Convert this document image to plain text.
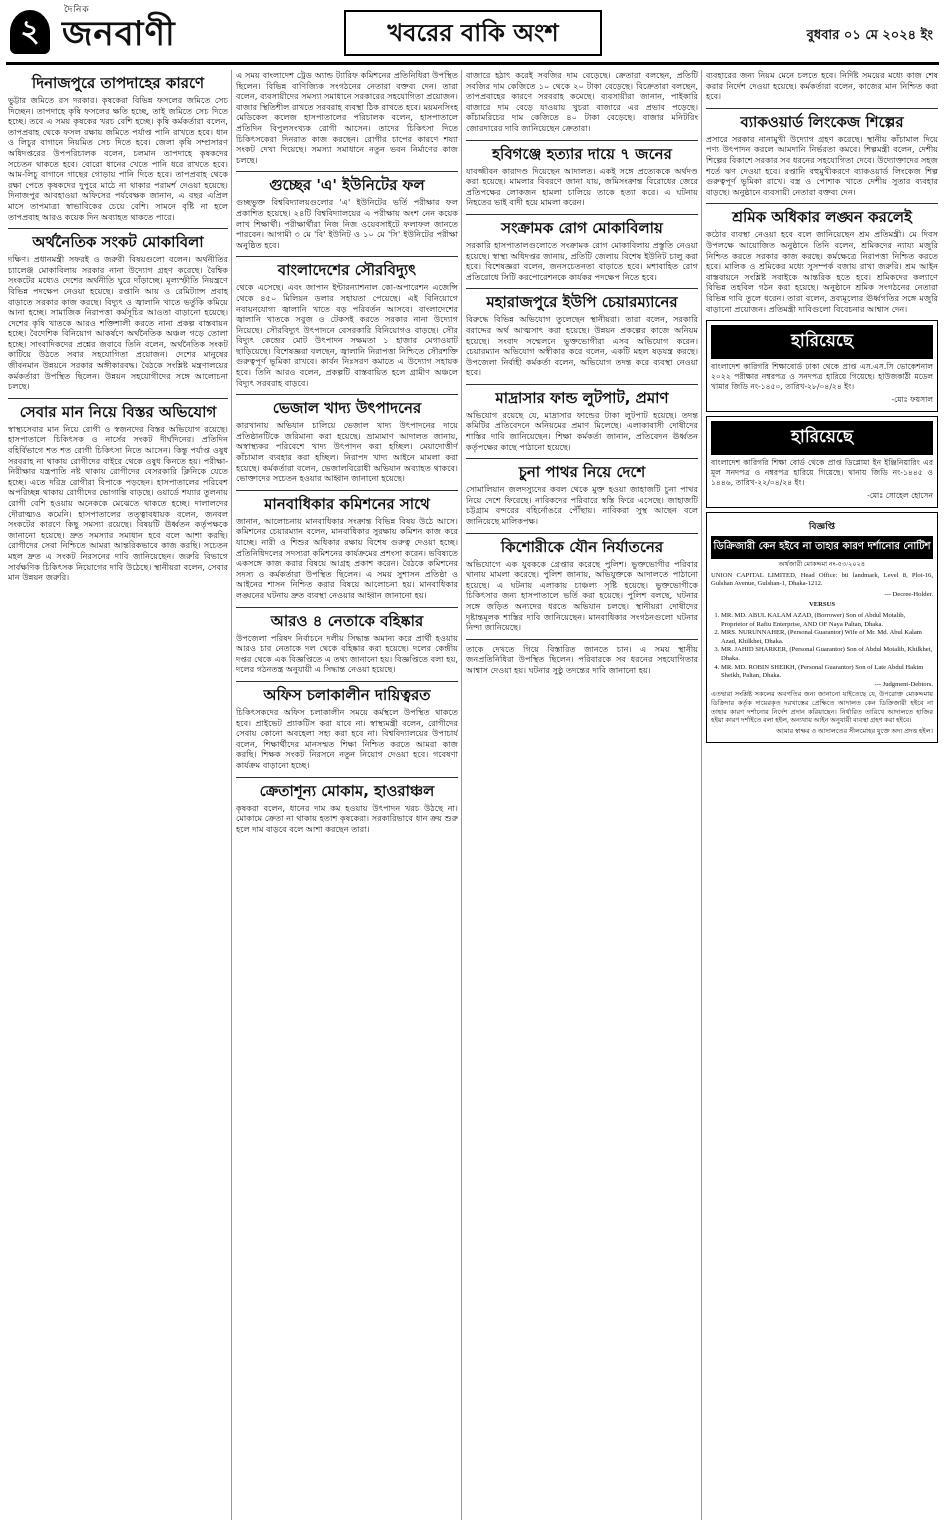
২
দৈনিক
জনবাণী	খবরের বাকি অংশ	বুধবার ০১ মে ২০২৪ ইং
দিনাজপুরে তাপদাহের কারণে

ভুট্টার জমিতে রস দরকার। কৃষকেরা বিভিন্ন ফসলের জমিতে সেচ দিচ্ছেন। তাপদাহে কৃষি ফসলের ক্ষতি হচ্ছে, তাই জমিতে সেচ দিতে হচ্ছে। তবে এ সময় কৃষকের খরচ বেশি হচ্ছে। কৃষি কর্মকর্তারা বলেন, তাপপ্রবাহ থেকে ফসল রক্ষায় জমিতে পর্যাপ্ত পানি রাখতে হবে। ধান ও লিচুর বাগানে নিয়মিত সেচ দিতে হবে। জেলা কৃষি সম্প্রসারণ অধিদপ্তরের উপপরিচালক বলেন, চলমান তাপদাহে কৃষকদের সচেতন থাকতে হবে। বোরো ধানের খেতে পানি ধরে রাখতে হবে। আম-লিচু বাগানে গাছের গোড়ায় পানি দিতে হবে। তাপপ্রবাহ থেকে রক্ষা পেতে কৃষকদের দুপুরে মাঠে না থাকার পরামর্শ দেওয়া হয়েছে। দিনাজপুর আবহাওয়া অফিসের পর্যবেক্ষক জানান, এ বছর এপ্রিল মাসে তাপমাত্রা স্বাভাবিকের চেয়ে বেশি। সামনে বৃষ্টি না হলে তাপপ্রবাহ আরও কয়েক দিন অব্যাহত থাকতে পারে।

অর্থনৈতিক সংকট মোকাবিলা

দক্ষিণ। প্রধানমন্ত্রী সফরই ও জরুরী বিষয়গুলো বলেন। অর্থনীতির চ্যালেঞ্জ মোকাবিলায় সরকার নানা উদ্যোগ গ্রহণ করেছে। বৈশ্বিক সংকটের মধ্যেও দেশের অর্থনীতি ঘুরে দাঁড়াচ্ছে। মূল্যস্ফীতি নিয়ন্ত্রণে বিভিন্ন পদক্ষেপ নেওয়া হয়েছে। রপ্তানি আয় ও রেমিট্যান্স প্রবাহ বাড়াতে সরকার কাজ করছে। বিদ্যুৎ ও জ্বালানি খাতে ভর্তুকি কমিয়ে আনা হচ্ছে। সামাজিক নিরাপত্তা কর্মসূচির আওতা বাড়ানো হয়েছে। দেশের কৃষি খাতকে আরও শক্তিশালী করতে নানা প্রকল্প বাস্তবায়ন হচ্ছে। বৈদেশিক বিনিয়োগ আকর্ষণে অর্থনৈতিক অঞ্চল গড়ে তোলা হচ্ছে। সাংবাদিকদের প্রশ্নের জবাবে তিনি বলেন, অর্থনৈতিক সংকট কাটিয়ে উঠতে সবার সহযোগিতা প্রয়োজন। দেশের মানুষের জীবনমান উন্নয়নে সরকার অঙ্গীকারবদ্ধ। বৈঠকে সংশ্লিষ্ট মন্ত্রণালয়ের কর্মকর্তারা উপস্থিত ছিলেন। উন্নয়ন সহযোগীদের সঙ্গে আলোচনা চলছে।

সেবার মান নিয়ে বিস্তর অভিযোগ

স্বাস্থ্যসেবার মান নিয়ে রোগী ও স্বজনদের বিস্তর অভিযোগ রয়েছে। হাসপাতালে চিকিৎসক ও নার্সের সংকট দীর্ঘদিনের। প্রতিদিন বহির্বিভাগে শত শত রোগী চিকিৎসা নিতে আসেন। কিন্তু পর্যাপ্ত ওষুধ সরবরাহ না থাকায় রোগীদের বাইরে থেকে ওষুধ কিনতে হয়। পরীক্ষা-নিরীক্ষার যন্ত্রপাতি নষ্ট থাকায় রোগীদের বেসরকারি ক্লিনিকে যেতে হচ্ছে। এতে দরিদ্র রোগীরা বিপাকে পড়ছেন। হাসপাতালের পরিবেশ অপরিচ্ছন্ন থাকায় রোগীদের ভোগান্তি বাড়ছে। ওয়ার্ডে শয্যার তুলনায় রোগী বেশি হওয়ায় অনেককে মেঝেতে থাকতে হচ্ছে। দালালদের দৌরাত্ম্যও কমেনি। হাসপাতালের তত্ত্বাবধায়ক বলেন, জনবল সংকটের কারণে কিছু সমস্যা রয়েছে। বিষয়টি ঊর্ধ্বতন কর্তৃপক্ষকে জানানো হয়েছে। দ্রুত সমস্যার সমাধান হবে বলে আশা করছি। রোগীদের সেবা নিশ্চিতে আমরা আন্তরিকভাবে কাজ করছি। সচেতন মহল দ্রুত এ সংকট নিরসনের দাবি জানিয়েছেন। জরুরি বিভাগে সার্বক্ষণিক চিকিৎসক নিয়োগের দাবি উঠেছে। স্থানীয়রা বলেন, সেবার মান উন্নয়ন জরুরি।

এ সময় বাংলাদেশ ট্রেড অ্যান্ড ট্যারিফ কমিশনের প্রতিনিধিরা উপস্থিত ছিলেন। বিভিন্ন বাণিজ্যিক সংগঠনের নেতারা বক্তব্য দেন। তারা বলেন, ব্যবসায়ীদের সমস্যা সমাধানে সরকারের সহযোগিতা প্রয়োজন। বাজার স্থিতিশীল রাখতে সরবরাহ ব্যবস্থা ঠিক রাখতে হবে। ময়মনসিংহ মেডিকেল কলেজ হাসপাতালের পরিচালক বলেন, হাসপাতালে প্রতিদিন বিপুলসংখ্যক রোগী আসেন। তাদের চিকিৎসা দিতে চিকিৎসকেরা দিনরাত কাজ করছেন। রোগীর চাপের কারণে শয্যা সংকট দেখা দিয়েছে। সমস্যা সমাধানে নতুন ভবন নির্মাণের কাজ চলছে।

গুচ্ছের 'এ' ইউনিটের ফল

গুচ্ছভুক্ত বিশ্ববিদ্যালয়গুলোর 'এ' ইউনিটের ভর্তি পরীক্ষার ফল প্রকাশিত হয়েছে। ২৪টি বিশ্ববিদ্যালয়ের এ পরীক্ষায় অংশ নেন কয়েক লাখ শিক্ষার্থী। পরীক্ষার্থীরা নিজ নিজ ওয়েবসাইটে ফলাফল জানতে পারবেন। আগামী ৩ মে 'বি' ইউনিট ও ১০ মে 'সি' ইউনিটের পরীক্ষা অনুষ্ঠিত হবে।

বাংলাদেশের সৌরবিদ্যুৎ

থেকে এসেছে। এবং জাপান ইন্টারন্যাশনাল কো-অপারেশন এজেন্সি থেকে ৪৫০ মিলিয়ন ডলার সহায়তা পেয়েছে। এই বিনিয়োগে নবায়নযোগ্য জ্বালানি খাতে বড় পরিবর্তন আসবে। বাংলাদেশের জ্বালানি খাতকে সবুজ ও টেকসই করতে সরকার নানা উদ্যোগ নিয়েছে। সৌরবিদ্যুৎ উৎপাদনে বেসরকারি বিনিয়োগও বাড়ছে। সৌর বিদ্যুৎ কেন্দ্রের মোট উৎপাদন সক্ষমতা ১ হাজার মেগাওয়াট ছাড়িয়েছে। বিশেষজ্ঞরা বলছেন, জ্বালানি নিরাপত্তা নিশ্চিতে সৌরশক্তি গুরুত্বপূর্ণ ভূমিকা রাখবে। কার্বন নিঃসরণ কমাতে এ উদ্যোগ সহায়ক হবে। তিনি আরও বলেন, প্রকল্পটি বাস্তবায়িত হলে গ্রামীণ অঞ্চলে বিদ্যুৎ সরবরাহ বাড়বে।

ভেজাল খাদ্য উৎপাদনের

কারখানায় অভিযান চালিয়ে ভেজাল খাদ্য উৎপাদনের দায়ে প্রতিষ্ঠানটিকে জরিমানা করা হয়েছে। ভ্রাম্যমাণ আদালত জানায়, অস্বাস্থ্যকর পরিবেশে খাদ্য উৎপাদন করা হচ্ছিল। মেয়াদোত্তীর্ণ কাঁচামাল ব্যবহার করা হচ্ছিল। নিরাপদ খাদ্য আইনে মামলা করা হয়েছে। কর্মকর্তারা বলেন, ভেজালবিরোধী অভিযান অব্যাহত থাকবে। ভোক্তাদের সচেতন হওয়ার আহ্বান জানানো হয়েছে।

মানবাধিকার কমিশনের সাথে

জানান, আলোচনায় মানবাধিকার সংক্রান্ত বিভিন্ন বিষয় উঠে আসে। কমিশনের চেয়ারম্যান বলেন, মানবাধিকার সুরক্ষায় কমিশন কাজ করে যাচ্ছে। নারী ও শিশুর অধিকার রক্ষায় বিশেষ গুরুত্ব দেওয়া হচ্ছে। প্রতিনিধিদলের সদস্যরা কমিশনের কার্যক্রমের প্রশংসা করেন। ভবিষ্যতে একসঙ্গে কাজ করার বিষয়ে আগ্রহ প্রকাশ করেন। বৈঠকে কমিশনের সদস্য ও কর্মকর্তারা উপস্থিত ছিলেন। এ সময় সুশাসন প্রতিষ্ঠা ও আইনের শাসন নিশ্চিত করার বিষয়ে আলোচনা হয়। মানবাধিকার লঙ্ঘনের ঘটনায় দ্রুত ব্যবস্থা নেওয়ার আহ্বান জানানো হয়।

আরও ৪ নেতাকে বহিষ্কার

উপজেলা পরিষদ নির্বাচনে দলীয় সিদ্ধান্ত অমান্য করে প্রার্থী হওয়ায় আরও চার নেতাকে দল থেকে বহিষ্কার করা হয়েছে। দলের কেন্দ্রীয় দপ্তর থেকে এক বিজ্ঞপ্তিতে এ তথ্য জানানো হয়। বিজ্ঞপ্তিতে বলা হয়, দলের গঠনতন্ত্র অনুযায়ী এ সিদ্ধান্ত নেওয়া হয়েছে।

অফিস চলাকালীন দায়িত্বরত

চিকিৎসকদের অফিস চলাকালীন সময়ে কর্মস্থলে উপস্থিত থাকতে হবে। প্রাইভেট প্র্যাকটিস করা যাবে না। স্বাস্থ্যমন্ত্রী বলেন, রোগীদের সেবায় কোনো অবহেলা সহ্য করা হবে না। বিশ্ববিদ্যালয়ের উপাচার্য বলেন, শিক্ষার্থীদের মানসম্মত শিক্ষা নিশ্চিত করতে আমরা কাজ করছি। শিক্ষক সংকট নিরসনে নতুন নিয়োগ দেওয়া হবে। গবেষণা কার্যক্রম বাড়ানো হচ্ছে।

ক্রেতাশূন্য মোকাম, হাওরাঞ্চল

কৃষকরা বলেন, ধানের দাম কম হওয়ায় উৎপাদন খরচ উঠছে না। মোকামে ক্রেতা না থাকায় হতাশ কৃষকেরা। সরকারিভাবে ধান ক্রয় শুরু হলে দাম বাড়বে বলে আশা করছেন তারা।

বাজারে হঠাৎ করেই সবজির দাম বেড়েছে। ক্রেতারা বলছেন, প্রতিটি সবজির দাম কেজিতে ১০ থেকে ২০ টাকা বেড়েছে। বিক্রেতারা বলছেন, তাপপ্রবাহের কারণে সরবরাহ কমেছে। ব্যবসায়ীরা জানান, পাইকারি বাজারে দাম বেড়ে যাওয়ায় খুচরা বাজারে এর প্রভাব পড়েছে। কাঁচামরিচের দাম কেজিতে ৪০ টাকা বেড়েছে। বাজার মনিটরিং জোরদারের দাবি জানিয়েছেন ক্রেতারা।

হবিগঞ্জে হত্যার দায়ে ৭ জনের

যাবজ্জীবন কারাদণ্ড দিয়েছেন আদালত। একই সঙ্গে প্রত্যেককে অর্থদণ্ড করা হয়েছে। মামলার বিবরণে জানা যায়, জমিসংক্রান্ত বিরোধের জেরে প্রতিপক্ষের লোকজন হামলা চালিয়ে তাকে হত্যা করে। এ ঘটনায় নিহতের ভাই বাদী হয়ে মামলা করেন।

সংক্রামক রোগ মোকাবিলায়

সরকারি হাসপাতালগুলোতে সংক্রামক রোগ মোকাবিলায় প্রস্তুতি নেওয়া হয়েছে। স্বাস্থ্য অধিদপ্তর জানায়, প্রতিটি জেলায় বিশেষ ইউনিট চালু করা হবে। বিশেষজ্ঞরা বলেন, জনসচেতনতা বাড়াতে হবে। মশাবাহিত রোগ প্রতিরোধে সিটি করপোরেশনকে কার্যকর পদক্ষেপ নিতে হবে।

মহারাজপুরে ইউপি চেয়ারম্যানের

বিরুদ্ধে বিভিন্ন অভিযোগ তুলেছেন স্থানীয়রা। তারা বলেন, সরকারি বরাদ্দের অর্থ আত্মসাৎ করা হয়েছে। উন্নয়ন প্রকল্পের কাজে অনিয়ম হয়েছে। সংবাদ সম্মেলনে ভুক্তভোগীরা এসব অভিযোগ করেন। চেয়ারম্যান অভিযোগ অস্বীকার করে বলেন, একটি মহল ষড়যন্ত্র করছে। উপজেলা নির্বাহী কর্মকর্তা বলেন, অভিযোগ তদন্ত করে ব্যবস্থা নেওয়া হবে।

মাদ্রাসার ফান্ড লুটপাট, প্রমাণ

অভিযোগ রয়েছে যে, মাদ্রাসার ফান্ডের টাকা লুটপাট হয়েছে। তদন্ত কমিটির প্রতিবেদনে অনিয়মের প্রমাণ মিলেছে। এলাকাবাসী দোষীদের শাস্তির দাবি জানিয়েছেন। শিক্ষা কর্মকর্তা জানান, প্রতিবেদন ঊর্ধ্বতন কর্তৃপক্ষের কাছে পাঠানো হয়েছে।

চুনা পাথর নিয়ে দেশে

সোমালিয়ান জলদস্যুদের কবল থেকে মুক্ত হওয়া জাহাজটি চুনা পাথর নিয়ে দেশে ফিরেছে। নাবিকদের পরিবারে স্বস্তি ফিরে এসেছে। জাহাজটি চট্টগ্রাম বন্দরের বহির্নোঙরে পৌঁছায়। নাবিকরা সুস্থ আছেন বলে জানিয়েছে মালিকপক্ষ।

কিশোরীকে যৌন নির্যাতনের

অভিযোগে এক যুবককে গ্রেপ্তার করেছে পুলিশ। ভুক্তভোগীর পরিবার থানায় মামলা করেছে। পুলিশ জানায়, অভিযুক্তকে আদালতে পাঠানো হয়েছে। এ ঘটনায় এলাকায় চাঞ্চল্য সৃষ্টি হয়েছে। ভুক্তভোগীকে চিকিৎসার জন্য হাসপাতালে ভর্তি করা হয়েছে। পুলিশ বলছে, ঘটনার সঙ্গে জড়িত অন্যদের ধরতে অভিযান চলছে। স্থানীয়রা দোষীদের দৃষ্টান্তমূলক শাস্তির দাবি জানিয়েছেন। মানবাধিকার সংগঠনগুলো ঘটনার নিন্দা জানিয়েছে।

তাকে দেখতে গিয়ে বিস্তারিত জানতে চান। এ সময় স্থানীয় জনপ্রতিনিধিরা উপস্থিত ছিলেন। পরিবারকে সব ধরনের সহযোগিতার আশ্বাস দেওয়া হয়। ঘটনার সুষ্ঠু তদন্তের দাবি জানানো হয়।

ব্যবহারের জন্য নিয়ম মেনে চলতে হবে। নির্দিষ্ট সময়ের মধ্যে কাজ শেষ করার নির্দেশ দেওয়া হয়েছে। কর্মকর্তারা বলেন, কাজের মান নিশ্চিত করা হবে।

ব্যাকওয়ার্ড লিংকেজ শিল্পের

প্রসারে সরকার নানামুখী উদ্যোগ গ্রহণ করেছে। স্থানীয় কাঁচামাল দিয়ে পণ্য উৎপাদন করলে আমদানি নির্ভরতা কমবে। শিল্পমন্ত্রী বলেন, দেশীয় শিল্পের বিকাশে সরকার সব ধরনের সহযোগিতা দেবে। উদ্যোক্তাদের সহজ শর্তে ঋণ দেওয়া হবে। রপ্তানি বহুমুখীকরণে ব্যাকওয়ার্ড লিংকেজ শিল্প গুরুত্বপূর্ণ ভূমিকা রাখে। বস্ত্র ও পোশাক খাতে দেশীয় সুতার ব্যবহার বাড়ছে। অনুষ্ঠানে ব্যবসায়ী নেতারা বক্তব্য দেন।

শ্রমিক অধিকার লঙ্ঘন করলেই

কঠোর ব্যবস্থা নেওয়া হবে বলে জানিয়েছেন শ্রম প্রতিমন্ত্রী। মে দিবস উপলক্ষে আয়োজিত অনুষ্ঠানে তিনি বলেন, শ্রমিকদের ন্যায্য মজুরি নিশ্চিত করতে সরকার কাজ করছে। কর্মক্ষেত্রে নিরাপত্তা নিশ্চিত করতে হবে। মালিক ও শ্রমিকের মধ্যে সুসম্পর্ক বজায় রাখা জরুরি। শ্রম আইন বাস্তবায়নে সংশ্লিষ্ট সবাইকে আন্তরিক হতে হবে। শ্রমিকদের কল্যাণে বিভিন্ন তহবিল গঠন করা হয়েছে। অনুষ্ঠানে শ্রমিক সংগঠনের নেতারা বিভিন্ন দাবি তুলে ধরেন। তারা বলেন, দ্রব্যমূল্যের ঊর্ধ্বগতির সঙ্গে মজুরি বাড়ানো প্রয়োজন। প্রতিমন্ত্রী দাবিগুলো বিবেচনার আশ্বাস দেন।

হারিয়েছে

বাংলাদেশ কারিগরি শিক্ষাবোর্ড ঢাকা থেকে প্রাপ্ত এস.এস.সি ভোকেশনাল ২০২২ পরীক্ষার নম্বরপত্র ও সনদপত্র হারিয়ে গিয়েছে। হাউজকাঠী মডেল খামার জিডি নং-১৪৫০, তারিখ-২৮/০৪/২৪ ইং।

-মোঃ ফয়সাল
হারিয়েছে

বাংলাদেশ কারিগরি শিক্ষা বোর্ড থেকে প্রাপ্ত ডিপ্লোমা ইন ইঞ্জিনিয়ারিং এর মূল সনদপত্র ও নম্বরপত্র হারিয়ে গিয়েছে। থানায় জিডি নং-১৪৪৫ ও ১৪৪৬, তারিখ-২২/০৪/২৪ ইং।

-মোঃ সোহেল হোসেন
বিজ্ঞপ্তি
ডিক্রিজারী কেন হইবে না তাহার কারণ দর্শানোর নোটিশ
অর্থজারী মোকদ্দমা নং-৫৩/২০২৪

UNION CAPITAL LIMITED, Head Office: bti landmark, Level 8, Plot-16, Gulshan Avenue, Gulshan-1, Dhaka-1212.

--- Decree-Holder.
VERSUS
1. MR. MD. ABUL KALAM AZAD, (Borrower) Son of Abdul Motalib, Proprietor of Rafiu Enterprise, AND OF Naya Paltan, Dhaka.
2. MRS. NURUNNAHER, (Personal Guarantor) Wife of Mr. Md. Abul Kalam Azad, Khilkhet, Dhaka.
3. MR. JAHID SHARKER, (Personal Guarantor) Son of Abdul Motalib, Khilkhet, Dhaka.
4. MR. MD. ROBIN SHEIKH, (Personal Guarantor) Son of Late Abdul Hakim Sheikh, Paltan, Dhaka.
--- Judgment-Debtors.

এতদ্বারা সংশ্লিষ্ট সকলের অবগতির জন্য জানানো যাইতেছে যে, উপরোক্ত মোকদ্দমায় ডিক্রিদার কর্তৃক দায়েরকৃত দরখাস্তের প্রেক্ষিতে আদালত কেন ডিক্রিজারী হইবে না তাহার কারণ দর্শানোর নির্দেশ প্রদান করিয়াছেন। নির্ধারিত তারিখে আদালতে হাজির হইয়া কারণ দর্শাইতে বলা হইল, অন্যথায় আইন অনুযায়ী ব্যবস্থা গ্রহণ করা হইবে।

আমার স্বাক্ষর ও আদালতের সীলমোহর যুক্তে অদ্য প্রদত্ত হইল।
